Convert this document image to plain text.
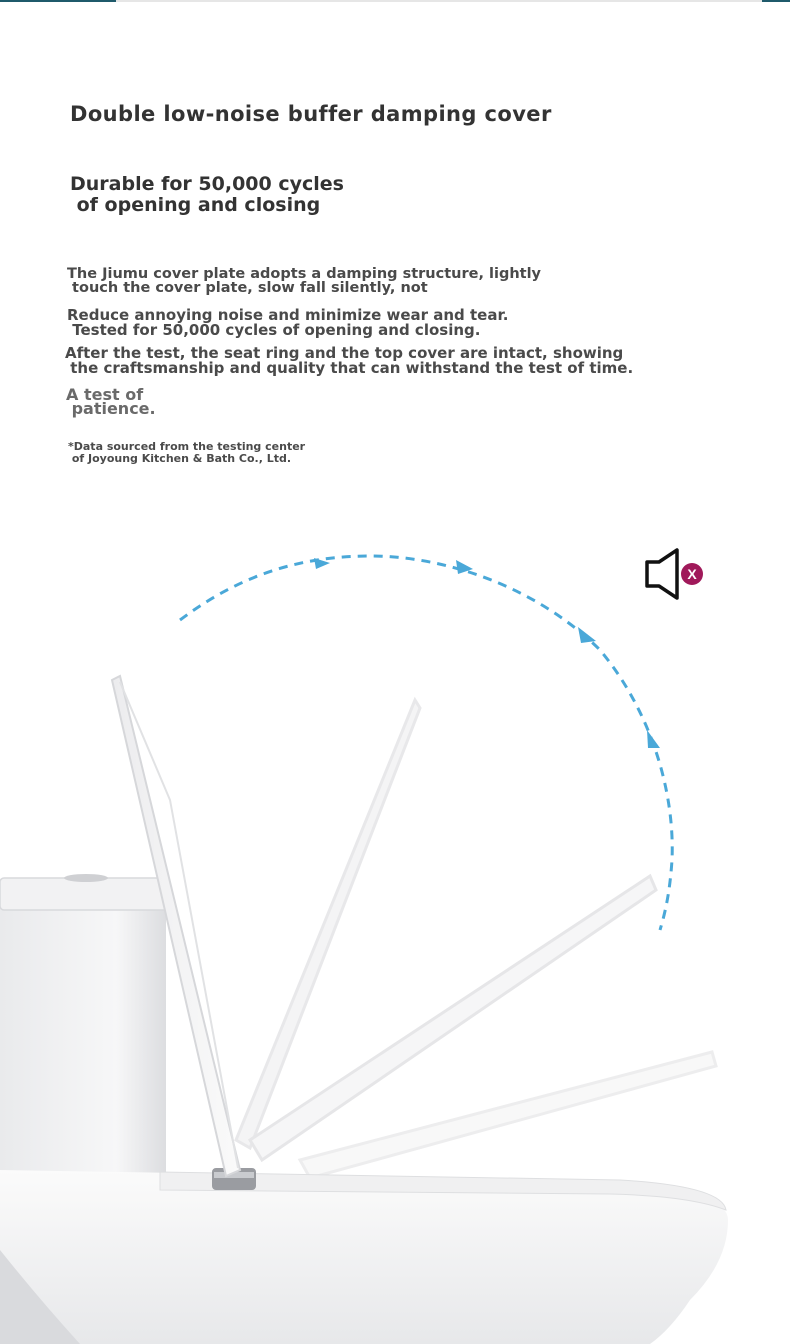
Double low-noise buffer damping cover
Durable for 50,000 cycles
of opening and closing
The Jiumu cover plate adopts a damping structure, lightly
touch the cover plate, slow fall silently, not
Reduce annoying noise and minimize wear and tear.
Tested for 50,000 cycles of opening and closing.
After the test, the seat ring and the top cover are intact, showing
the craftsmanship and quality that can withstand the test of time.
A test of
patience.
*Data sourced from the testing center
of Joyoung Kitchen & Bath Co., Ltd.
X
